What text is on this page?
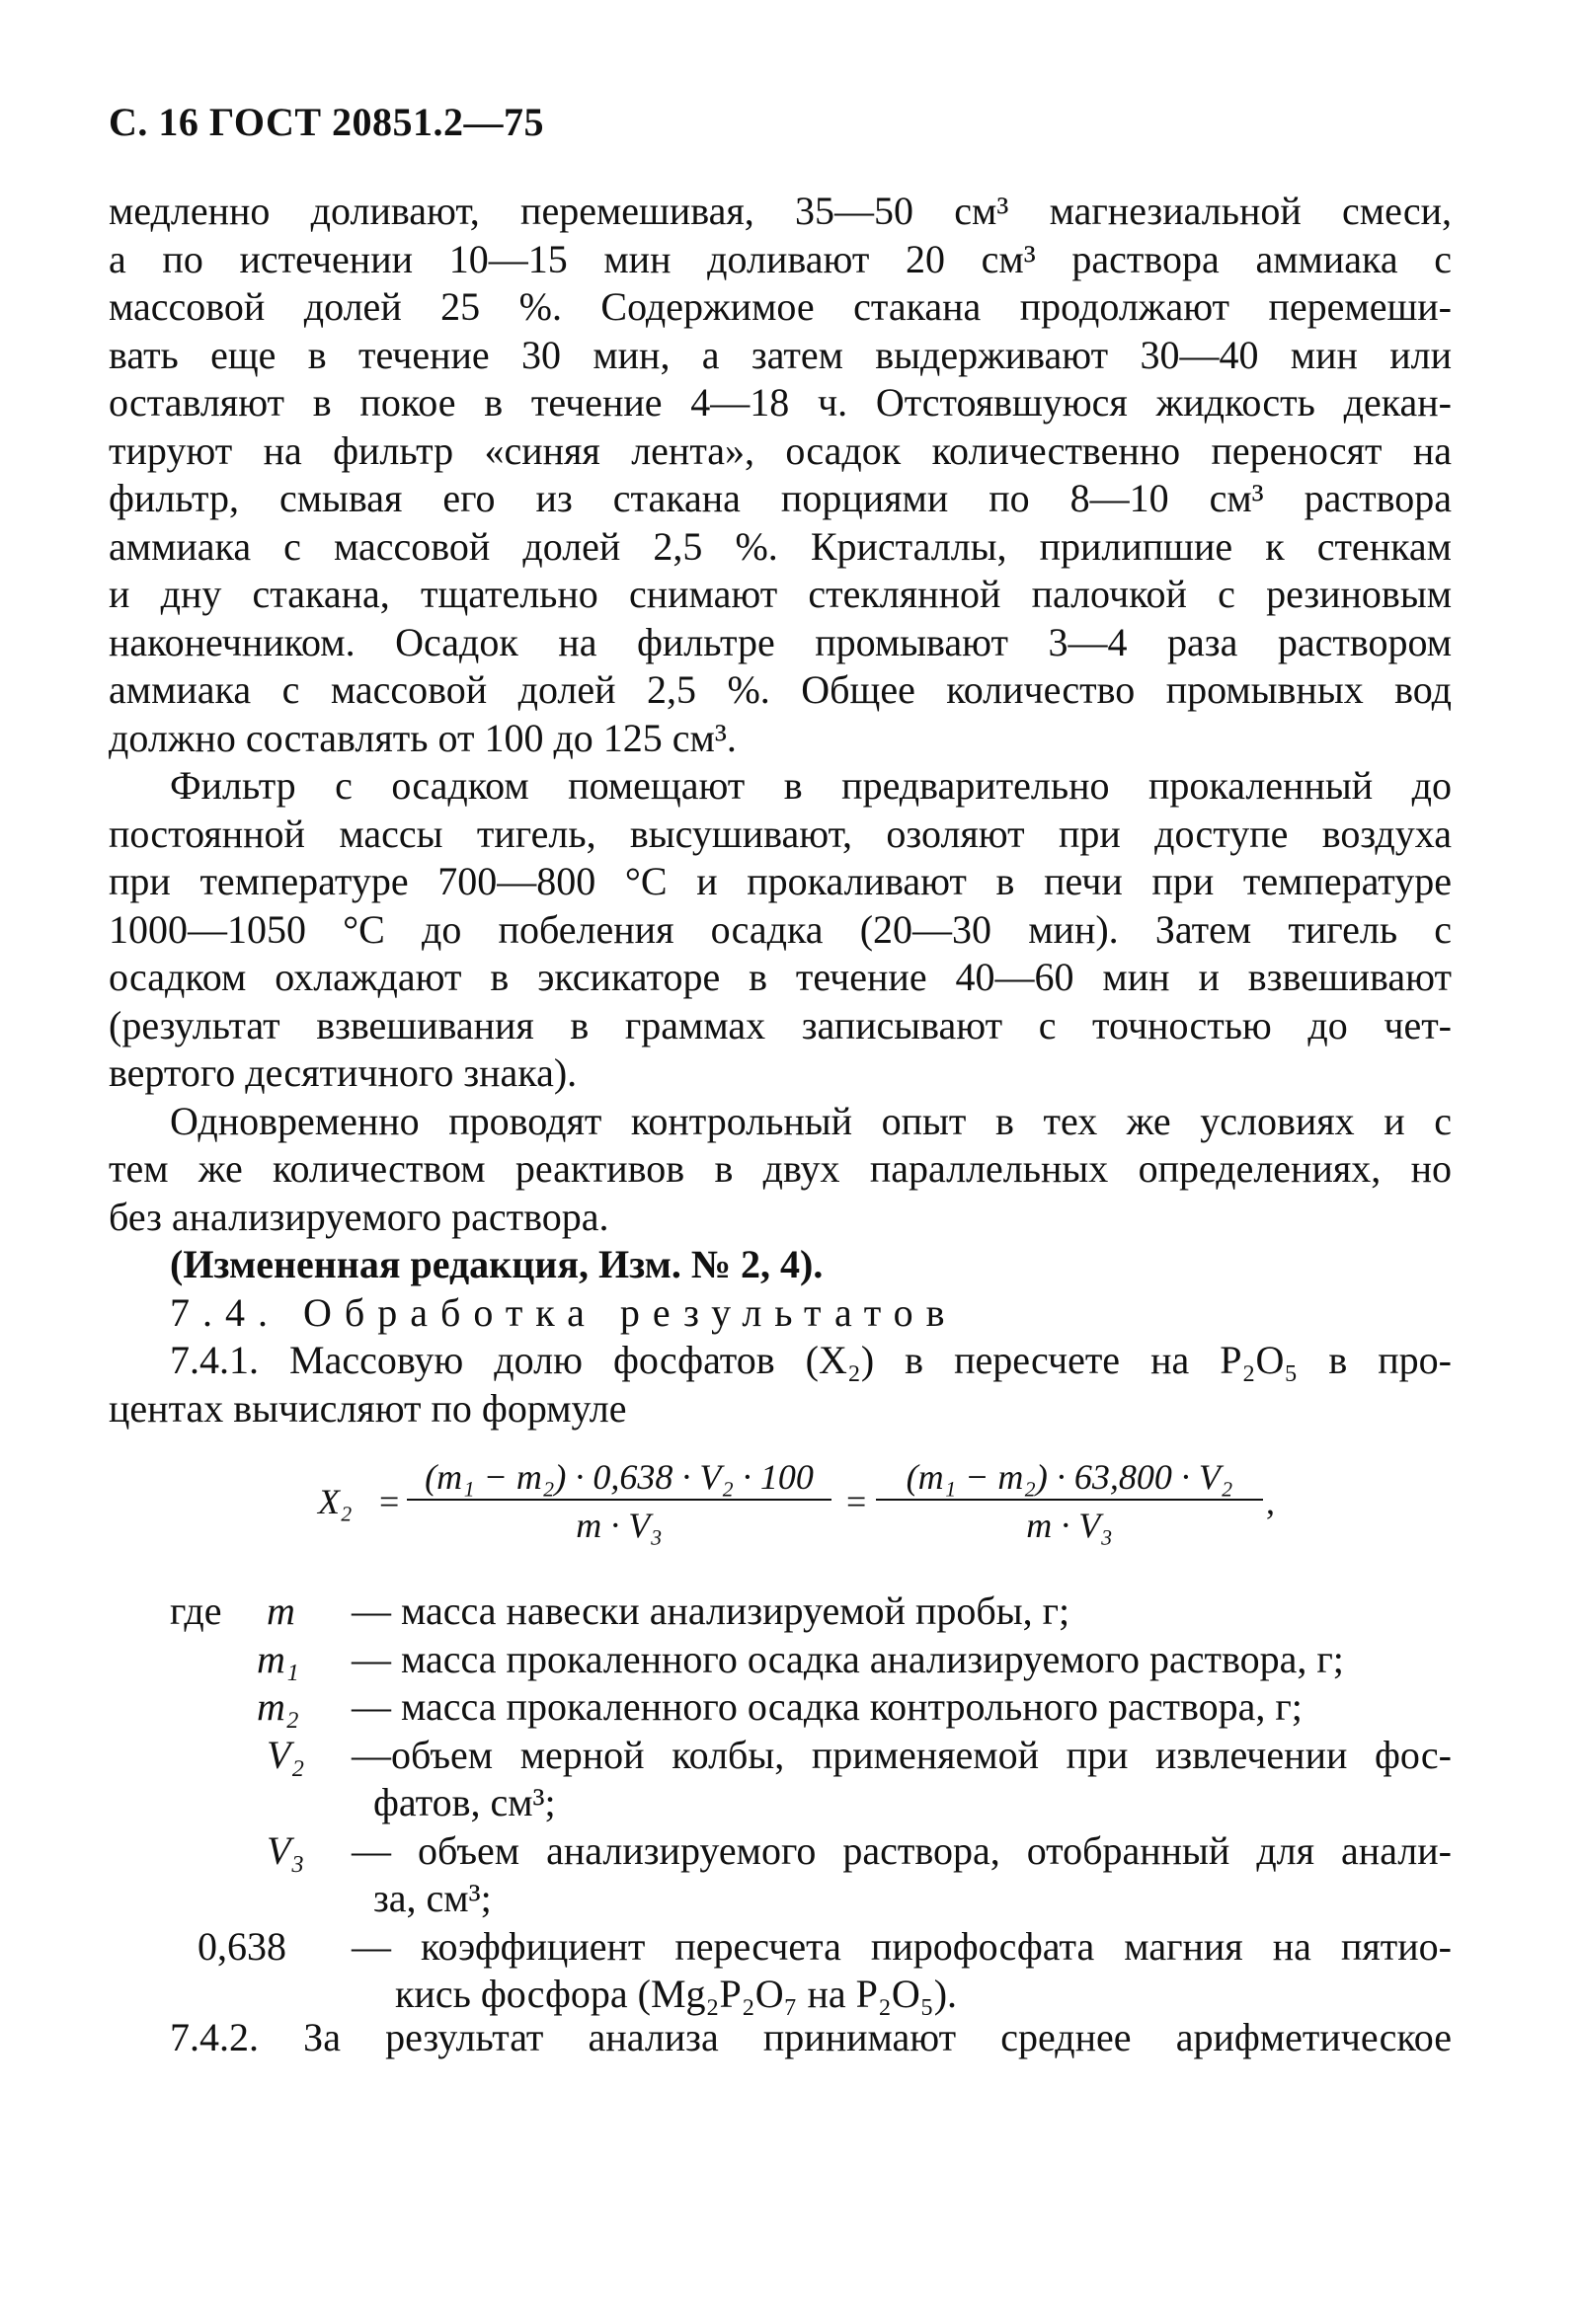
С. 16 ГОСТ 20851.2—75
медленно доливают, перемешивая, 35—50 см³ магнезиальной смеси,
а по истечении 10—15 мин доливают 20 см³ раствора аммиака с
массовой долей 25 %. Содержимое стакана продолжают перемеши-
вать еще в течение 30 мин, а затем выдерживают 30—40 мин или
оставляют в покое в течение 4—18 ч. Отстоявшуюся жидкость декан-
тируют на фильтр «синяя лента», осадок количественно переносят на
фильтр, смывая его из стакана порциями по 8—10 см³ раствора
аммиака с массовой долей 2,5 %. Кристаллы, прилипшие к стенкам
и дну стакана, тщательно снимают стеклянной палочкой с резиновым
наконечником. Осадок на фильтре промывают 3—4 раза раствором
аммиака с массовой долей 2,5 %. Общее количество промывных вод
должно составлять от 100 до 125 см³.
Фильтр с осадком помещают в предварительно прокаленный до
постоянной массы тигель, высушивают, озоляют при доступе воздуха
при температуре 700—800 °С и прокаливают в печи при температуре
1000—1050 °С до побеления осадка (20—30 мин). Затем тигель с
осадком охлаждают в эксикаторе в течение 40—60 мин и взвешивают
(результат взвешивания в граммах записывают с точностью до чет-
вертого десятичного знака).
Одновременно проводят контрольный опыт в тех же условиях и с
тем же количеством реактивов в двух параллельных определениях, но
без анализируемого раствора.
(Измененная редакция, Изм. № 2, 4).
7.4. Обработка результатов
7.4.1. Массовую долю фосфатов (X₂) в пересчете на P₂O₅ в про-
центах вычисляют по формуле
X₂ =
(m₁ − m₂) · 0,638 · V₂ · 100
m · V₃
=
(m₁ − m₂) · 63,800 · V₂
m · V₃
,
где m — масса навески анализируемой пробы, г;
m₁ — масса прокаленного осадка анализируемого раствора, г;
m₂ — масса прокаленного осадка контрольного раствора, г;
V₂ —объем мерной колбы, применяемой при извлечении фос-
фатов, см³;
V₃ — объем анализируемого раствора, отобранный для анали-
за, см³;
0,638 — коэффициент пересчета пирофосфата магния на пятио-
кись фосфора (Mg₂P₂O₇ на P₂O₅).
7.4.2. За результат анализа принимают среднее арифметическое
